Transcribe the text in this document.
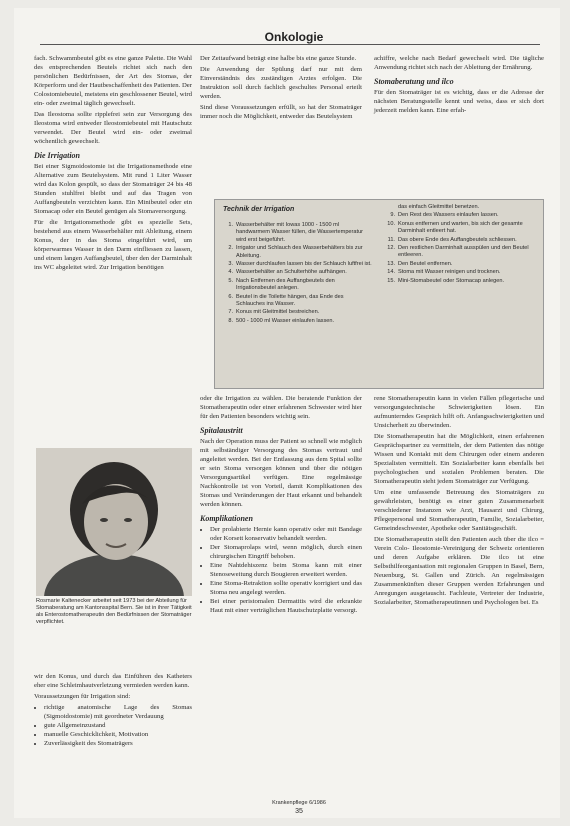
Onkologie

fach. Schwammbeutel gibt es eine ganze Palette. Die Wahl des entsprechenden Beutels richtet sich nach den persönlichen Bedürfnissen, der Art des Stomas, der Körperform und der Hautbeschaffenheit des Patienten. Der Colostomiebeutel, meistens ein geschlossener Beutel, wird ein- oder zweimal täglich gewechselt.

Das Ileostoma sollte ripplefrei sein zur Versorgung des Ileostoma wird entweder Ileostomiebeutel mit Hautschutz verwendet. Der Beutel wird ein- oder zweimal wöchentlich gewechselt.

Die Irrigation

Bei einer Sigmoidostomie ist die Irrigationsmethode eine Alternative zum Beutelsystem. Mit rund 1 Liter Wasser wird das Kolon gespült, so dass der Stomaträger 24 bis 48 Stunden stuhlfrei bleibt und auf das Tragen von Auffangbeuteln verzichten kann. Ein Minibeutel oder ein Stomacap oder ein Beutel genügen als Stomaversorgung.

Für die Irrigationsmethode gibt es spezielle Sets, bestehend aus einem Wasserbehälter mit Ableitung, einem Konus, der in das Stoma eingeführt wird, um körperwarmes Wasser in den Darm einfliessen zu lassen, und einem langen Auffangbeutel, über den der Darminhalt ins WC abgeleitet wird. Zur Irrigation benötigen

Der Zeitaufwand beträgt eine halbe bis eine ganze Stunde.

Die Anwendung der Spülung darf nur mit dem Einverständnis des zuständigen Arztes erfolgen. Die Instruktion soll durch fachlich geschultes Personal erteilt werden.

Sind diese Voraussetzungen erfüllt, so hat der Stomaträger immer noch die Möglichkeit, entweder das Beutelsystem

achiffre, welche nach Bedarf gewechselt wird. Die tägliche Anwendung richtet sich nach der Ableitung der Ernährung.

Stomaberatung und ilco

Für den Stomaträger ist es wichtig, dass er die Adresse der nächsten Beratungsstelle kennt und weiss, dass er sich dort jederzeit melden kann. Eine erfah-

Technik der Irrigation
1. Wasserbehälter mit Iowas 1000 - 1500 ml handwarmem Wasser füllen, die Wassertemperatur wird erst beigeführt.
2. Irrigator und Schlauch des Wasserbehälters bis zur Ableitung.
3. Wasser durchlaufen lassen bis der Schlauch luftfrei ist.
4. Wasserbehälter an Schulterhöhe aufhängen.
5. Nach Entfernen des Auffangbeutels den Irrigationsbeutel anlegen.
6. Beutel in die Toilette hängen, das Ende des Schlauches ins Wasser.
7. Konus mit Gleitmittel bestreichen.
8. 500 - 1000 ml Wasser einlaufen lassen.
das einfach Gleitmittel benetzen.
9. Den Rest des Wassers einlaufen lassen.
10. Konus entfernen und warten, bis sich der gesamte Darminhalt entleert hat.
11. Das obere Ende des Auffangbeutels schliessen.
12. Den restlichen Darminhalt ausspülen und den Beutel entleeren.
13. Den Beutel entfernen.
14. Stoma mit Wasser reinigen und trocknen.
15. Mini-Stomabeutel oder Stomacap anlegen.
Rosmarie Kaltenecker arbeitet seit 1973 bei der Abteilung für Stomaberatung am Kantonsspital Bern. Sie ist in ihrer Tätigkeit als Enterostomatherapeutin den Bedürfnissen der Stomaträger verpflichtet.

wir den Konus, und durch das Einführen des Katheters eher eine Schleimhautverletzung vermieden werden kann.

Voraussetzungen für Irrigation sind:

• richtige anatomische Lage des Stomas (Sigmoidostomie) mit geordneter Verdauung
• gute Allgemeinzustand
• manuelle Geschicklichkeit, Motivation
• Zuverlässigkeit des Stomaträgers

oder die Irrigation zu wählen. Die beratende Funktion der Stomatherapeutin oder einer erfahrenen Schwester wird hier für den Patienten besonders wichtig sein.

Spitalaustritt

Nach der Operation muss der Patient so schnell wie möglich mit selbständiger Versorgung des Stomas vertraut und angeleitet werden. Bei der Entlassung aus dem Spital sollte er sein Stoma versorgen können und über die nötigen Versorgungsartikel verfügen. Eine regelmässige Nachkontrolle ist von Vorteil, damit Komplikationen des Stomas und Veränderungen der Haut erkannt und behandelt werden können.

Komplikationen
• Der prolabierte Hernie kann operativ oder mit Bandage oder Korsett konservativ behandelt werden.
• Der Stomaprolaps wird, wenn möglich, durch einen chirurgischen Eingriff behoben.
• Eine Nahtdehiszenz beim Stoma kann mit einer Stenoseweitung durch Bougieren erweitert werden.
• Eine Stoma-Retraktion sollte operativ korrigiert und das Stoma neu angelegt werden.
• Bei einer peristomalen Dermatitis wird die erkrankte Haut mit einer verträglichen Hautschutzplatte versorgt.

rene Stomatherapeutin kann in vielen Fällen pflegerische und versorgungstechnische Schwierigkeiten lösen. Ein aufmunterndes Gespräch hilft oft. Anfangsschwierigkeiten und Unsicherheit zu überwinden.

Die Stomatherapeutin hat die Möglichkeit, einen erfahrenen Gesprächspartner zu vermitteln, der dem Patienten das nötige Wissen und Kontakt mit dem Chirurgen oder einem anderen Spezialisten vermittelt. Ein Sozialarbeiter kann ebenfalls bei psychologischen und sozialen Problemen beraten. Die Stomatherapeutin steht jedem Stomaträger zur Verfügung.

Um eine umfassende Betreuung des Stomaträgers zu gewährleisten, benötigt es einer guten Zusammenarbeit verschiedener Instanzen wie Arzt, Hausarzt und Chirurg, Pflegepersonal und Stomatherapeutin, Familie, Sozialarbeiter, Gemeindeschwester, Apotheke oder Sanitätsgeschäft.

Die Stomatherapeutin stellt den Patienten auch über die ilco = Verein Colo- Ileostomie-Vereinigung der Schweiz orientieren und deren Aufgabe erklären. Die ilco ist eine Selbsthilfeorganisation mit regionalen Gruppen in Basel, Bern, Neuenburg, St. Gallen und Zürich. An regelmässigen Zusammenkünften dieser Gruppen werden Erfahrungen und Anregungen ausgetauscht. Fachleute, Vertreter der Industrie, Sozialarbeiter, Stomatherapeutinnen und Psychologen bei. Es

Krankenpflege 6/1986
35
